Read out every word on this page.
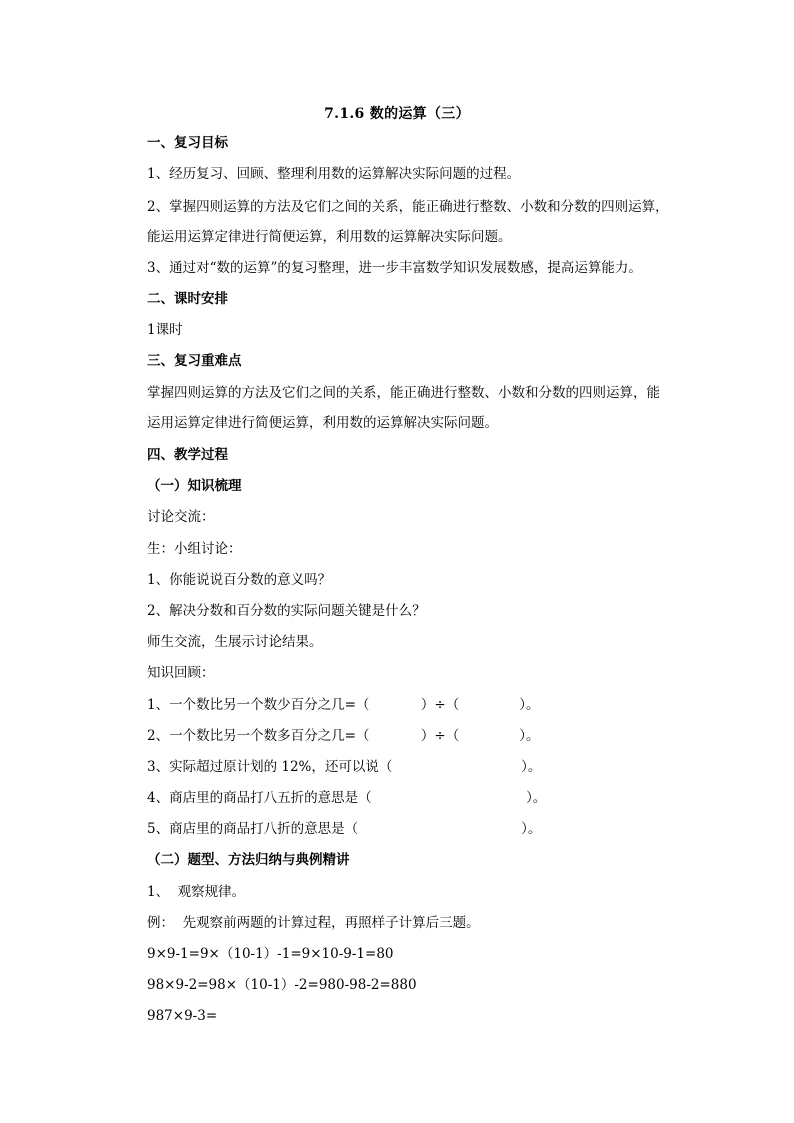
7.1.6 数的运算（三）
一、复习目标
1、经历复习、回顾、整理利用数的运算解决实际问题的过程。
2、掌握四则运算的方法及它们之间的关系，能正确进行整数、小数和分数的四则运算，
能运用运算定律进行简便运算，利用数的运算解决实际问题。
3、通过对“数的运算”的复习整理，进一步丰富数学知识发展数感，提高运算能力。
二、课时安排
1课时
三、复习重难点
掌握四则运算的方法及它们之间的关系，能正确进行整数、小数和分数的四则运算，能
运用运算定律进行简便运算，利用数的运算解决实际问题。
四、教学过程
（一）知识梳理
讨论交流：
生：小组讨论：
1、你能说说百分数的意义吗？
2、解决分数和百分数的实际问题关键是什么？
师生交流，生展示讨论结果。
知识回顾：
1、一个数比另一个数少百分之几=（            ）÷（              ）。
2、一个数比另一个数多百分之几=（            ）÷（              ）。
3、实际超过原计划的 12%，还可以说（                              ）。
4、商店里的商品打八五折的意思是（                                    ）。
5、商店里的商品打八折的意思是（                                      ）。
（二）题型、方法归纳与典例精讲
1、  观察规律。
例：  先观察前两题的计算过程，再照样子计算后三题。
9×9-1=9×（10-1）-1=9×10-9-1=80
98×9-2=98×（10-1）-2=980-98-2=880
987×9-3=
